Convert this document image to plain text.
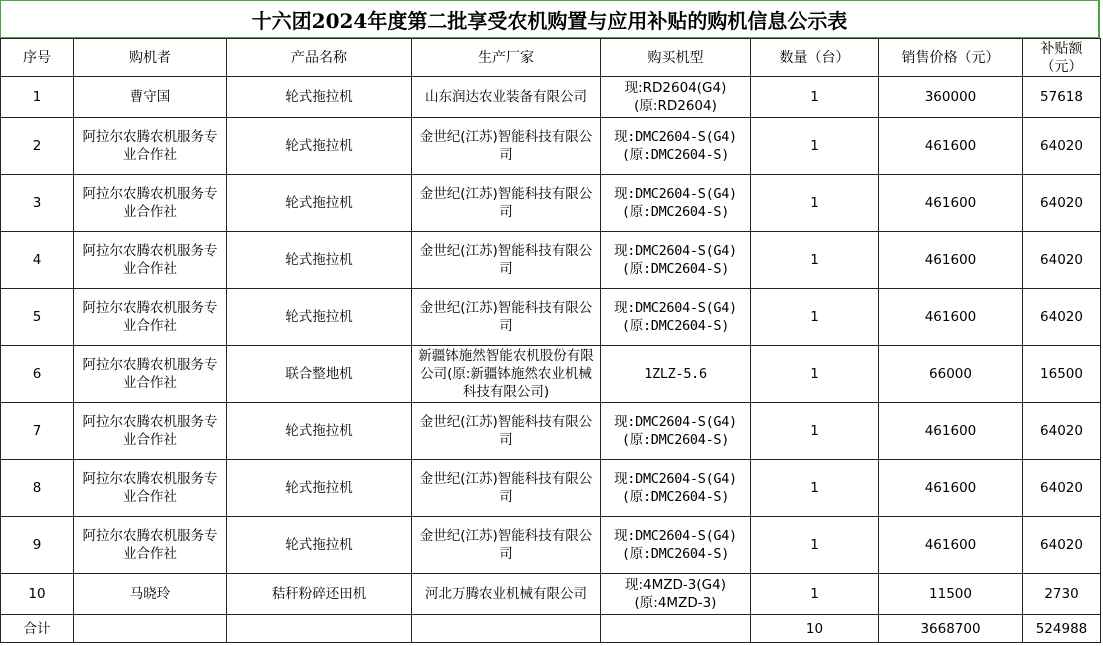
十六团2024年度第二批享受农机购置与应用补贴的购机信息公示表
序号	购机者	产品名称	生产厂家	购买机型	数量（台）	销售价格（元）	补贴额（元）
1	曹守国	轮式拖拉机	山东润达农业装备有限公司	现:RD2604(G4)(原:RD2604)	1	360000	57618
2	阿拉尔农腾农机服务专业合作社	轮式拖拉机	金世纪(江苏)智能科技有限公司	现:DMC2604-S(G4)(原:DMC2604-S)	1	461600	64020
3	阿拉尔农腾农机服务专业合作社	轮式拖拉机	金世纪(江苏)智能科技有限公司	现:DMC2604-S(G4)(原:DMC2604-S)	1	461600	64020
4	阿拉尔农腾农机服务专业合作社	轮式拖拉机	金世纪(江苏)智能科技有限公司	现:DMC2604-S(G4)(原:DMC2604-S)	1	461600	64020
5	阿拉尔农腾农机服务专业合作社	轮式拖拉机	金世纪(江苏)智能科技有限公司	现:DMC2604-S(G4)(原:DMC2604-S)	1	461600	64020
6	阿拉尔农腾农机服务专业合作社	联合整地机	新疆钵施然智能农机股份有限公司(原:新疆钵施然农业机械科技有限公司)	1ZLZ-5.6	1	66000	16500
7	阿拉尔农腾农机服务专业合作社	轮式拖拉机	金世纪(江苏)智能科技有限公司	现:DMC2604-S(G4)(原:DMC2604-S)	1	461600	64020
8	阿拉尔农腾农机服务专业合作社	轮式拖拉机	金世纪(江苏)智能科技有限公司	现:DMC2604-S(G4)(原:DMC2604-S)	1	461600	64020
9	阿拉尔农腾农机服务专业合作社	轮式拖拉机	金世纪(江苏)智能科技有限公司	现:DMC2604-S(G4)(原:DMC2604-S)	1	461600	64020
10	马晓玲	秸秆粉碎还田机	河北万腾农业机械有限公司	现:4MZD-3(G4)(原:4MZD-3)	1	11500	2730
合计					10	3668700	524988
